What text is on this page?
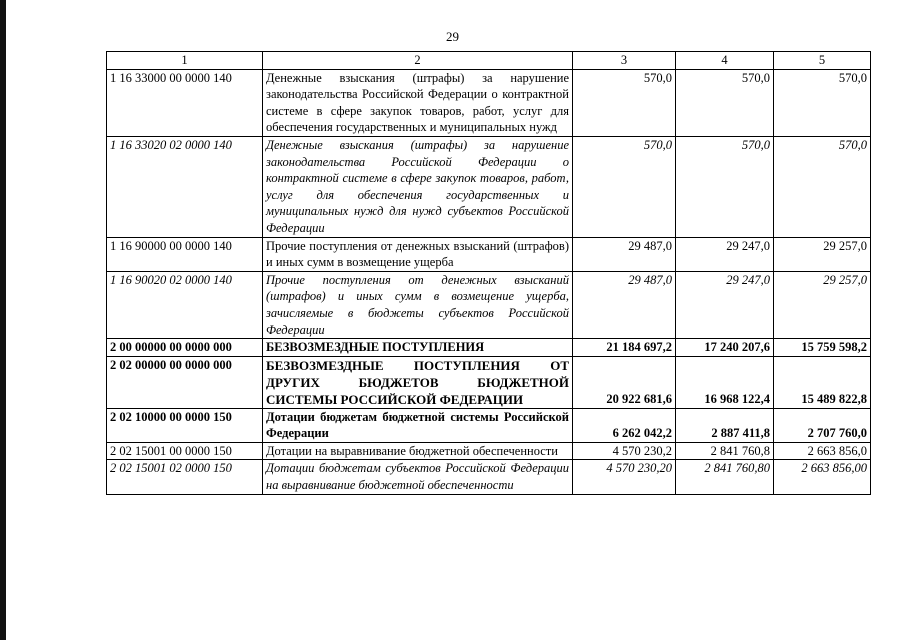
29
1	2	3	4	5
1 16 33000 00 0000 140	Денежные взыскания (штрафы) за нарушение законодательства Российской Федерации о контрактной системе в сфере закупок товаров, работ, услуг для обеспечения государственных и муниципальных нужд	570,0	570,0	570,0
1 16 33020 02 0000 140	Денежные взыскания (штрафы) за нарушение законодательства Российской Федерации о контрактной системе в сфере закупок товаров, работ, услуг для обеспечения государственных и муниципальных нужд для нужд субъектов Российской Федерации	570,0	570,0	570,0
1 16 90000 00 0000 140	Прочие поступления от денежных взысканий (штрафов) и иных сумм в возмещение ущерба	29 487,0	29 247,0	29 257,0
1 16 90020 02 0000 140	Прочие поступления от денежных взысканий (штрафов) и иных сумм в возмещение ущерба, зачисляемые в бюджеты субъектов Российской Федерации	29 487,0	29 247,0	29 257,0
2 00 00000 00 0000 000	БЕЗВОЗМЕЗДНЫЕ ПОСТУПЛЕНИЯ	21 184 697,2	17 240 207,6	15 759 598,2
2 02 00000 00 0000 000	БЕЗВОЗМЕЗДНЫЕ ПОСТУПЛЕНИЯ ОТ ДРУГИХ БЮДЖЕТОВ БЮДЖЕТНОЙ СИСТЕМЫ РОССИЙСКОЙ ФЕДЕРАЦИИ	20 922 681,6	16 968 122,4	15 489 822,8
2 02 10000 00 0000 150	Дотации бюджетам бюджетной системы Российской Федерации	6 262 042,2	2 887 411,8	2 707 760,0
2 02 15001 00 0000 150	Дотации на выравнивание бюджетной обеспеченности	4 570 230,2	2 841 760,8	2 663 856,0
2 02 15001 02 0000 150	Дотации бюджетам субъектов Российской Федерации на выравнивание бюджетной обеспеченности	4 570 230,20	2 841 760,80	2 663 856,00
